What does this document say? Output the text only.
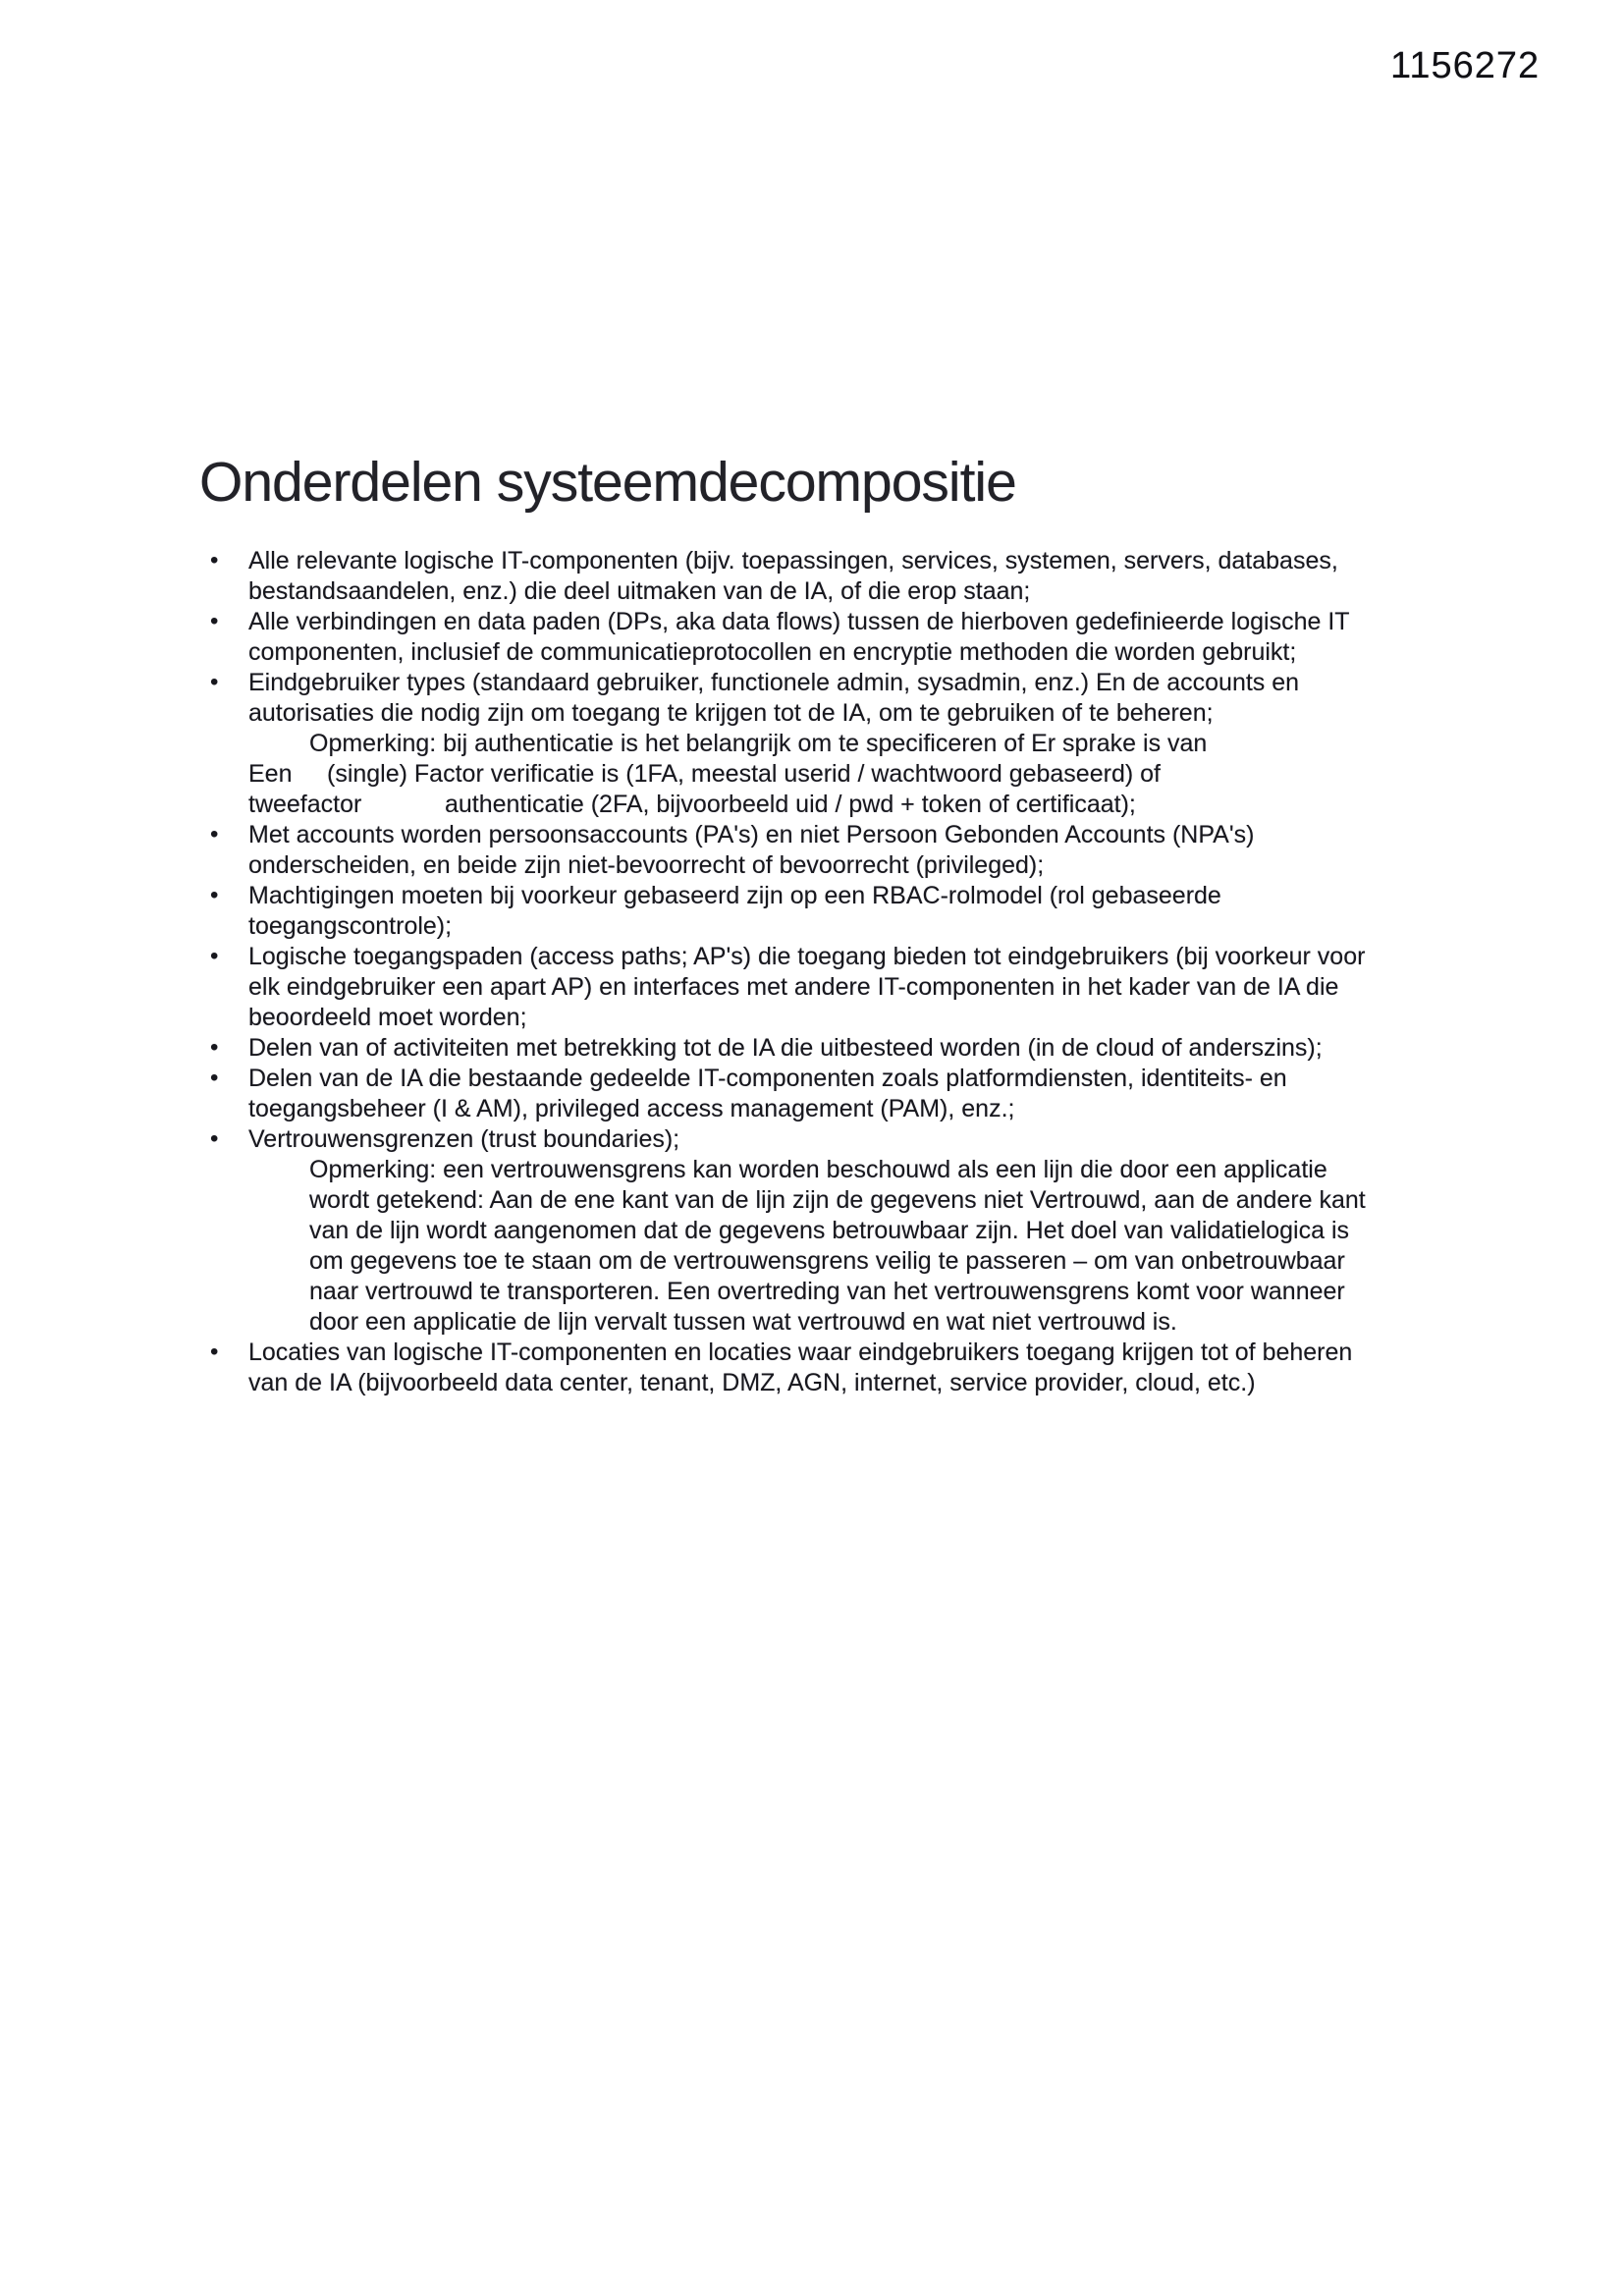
1156272
Onderdelen systeemdecompositie
• Alle relevante logische IT-componenten (bijv. toepassingen, services, systemen, servers, databases, bestandsaandelen, enz.) die deel uitmaken van de IA, of die erop staan;
• Alle verbindingen en data paden (DPs, aka data flows) tussen de hierboven gedefinieerde logische IT componenten, inclusief de communicatieprotocollen en encryptie methoden die worden gebruikt;
• Eindgebruiker types (standaard gebruiker, functionele admin, sysadmin, enz.) En de accounts en autorisaties die nodig zijn om toegang te krijgen tot de IA, om te gebruiken of te beheren;
Opmerking: bij authenticatie is het belangrijk om te specificeren of Er sprake is van
Een (single) Factor verificatie is (1FA, meestal userid / wachtwoord gebaseerd) of
tweefactor	authenticatie (2FA, bijvoorbeeld uid / pwd + token of certificaat);
• Met accounts worden persoonsaccounts (PA's) en niet Persoon Gebonden Accounts (NPA's) onderscheiden, en beide zijn niet-bevoorrecht of bevoorrecht (privileged);
• Machtigingen moeten bij voorkeur gebaseerd zijn op een RBAC-rolmodel (rol gebaseerde toegangscontrole);
• Logische toegangspaden (access paths; AP's) die toegang bieden tot eindgebruikers (bij voorkeur voor elk eindgebruiker een apart AP) en interfaces met andere IT-componenten in het kader van de IA die beoordeeld moet worden;
• Delen van of activiteiten met betrekking tot de IA die uitbesteed worden (in de cloud of anderszins);
• Delen van de IA die bestaande gedeelde IT-componenten zoals platformdiensten, identiteits- en toegangsbeheer (I & AM), privileged access management (PAM), enz.;
• Vertrouwensgrenzen (trust boundaries);
Opmerking: een vertrouwensgrens kan worden beschouwd als een lijn die door een applicatie wordt getekend: Aan de ene kant van de lijn zijn de gegevens niet Vertrouwd, aan de andere kant van de lijn wordt aangenomen dat de gegevens betrouwbaar zijn. Het doel van validatielogica is om gegevens toe te staan om de vertrouwensgrens veilig te passeren – om van onbetrouwbaar naar vertrouwd te transporteren. Een overtreding van het vertrouwensgrens komt voor wanneer door een applicatie de lijn vervalt tussen wat vertrouwd en wat niet vertrouwd is.
• Locaties van logische IT-componenten en locaties waar eindgebruikers toegang krijgen tot of beheren van de IA (bijvoorbeeld data center, tenant, DMZ, AGN, internet, service provider, cloud, etc.)
